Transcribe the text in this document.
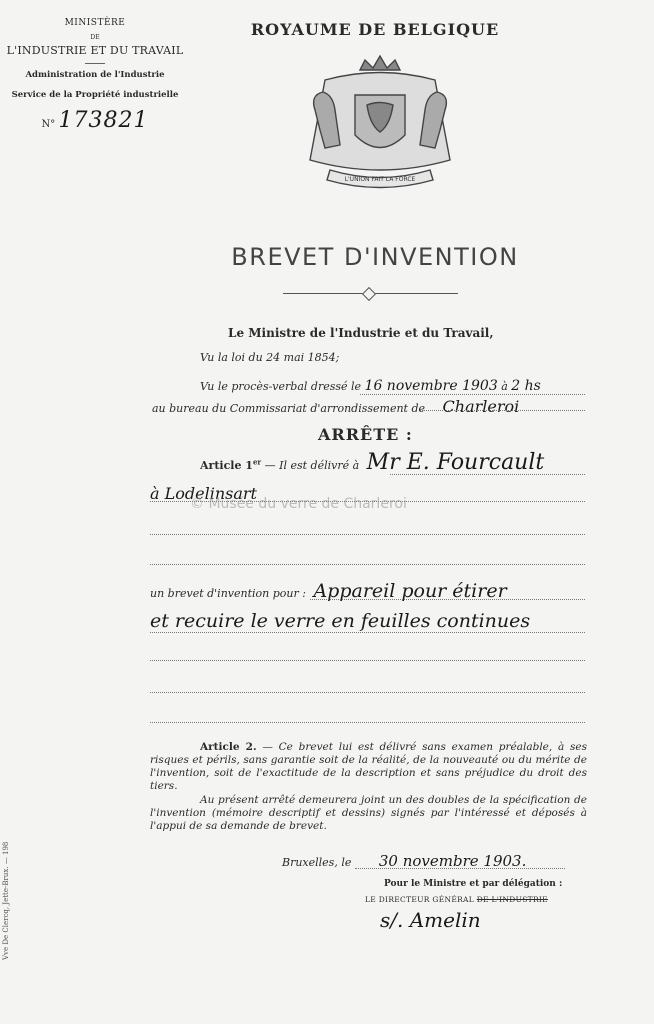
MINISTÈRE
DE
L'INDUSTRIE ET DU TRAVAIL
Administration de l'Industrie
Service de la Propriété industrielle
N° 173821
ROYAUME DE BELGIQUE
L'UNION FAIT LA FORCE
BREVET D'INVENTION
Le Ministre de l'Industrie et du Travail,
Vu la loi du 24 mai 1854;
Vu le procès-verbal dressé le 16 novembre 1903 à 2 hs
au bureau du Commissariat d'arrondissement de Charleroi
ARRÊTE :
Article 1er — Il est délivré à Mr E. Fourcault
à Lodelinsart
© Musée du verre de Charleroi
un brevet d'invention pour : Appareil pour étirer
et recuire le verre en feuilles continues
Article 2. — Ce brevet lui est délivré sans examen préalable, à ses risques et périls, sans garantie soit de la réalité, de la nouveauté ou du mérite de l'invention, soit de l'exactitude de la description et sans préjudice du droit des tiers.
Au présent arrêté demeurera joint un des doubles de la spécification de l'invention (mémoire descriptif et dessins) signés par l'intéressé et déposés à l'appui de sa demande de brevet.
Bruxelles, le 30 novembre 1903.
Pour le Ministre et par délégation :
LE DIRECTEUR GÉNÉRAL DE L'INDUSTRIE
s/. Amelin
Vve De Clercq, Jette-Brux. — 198
